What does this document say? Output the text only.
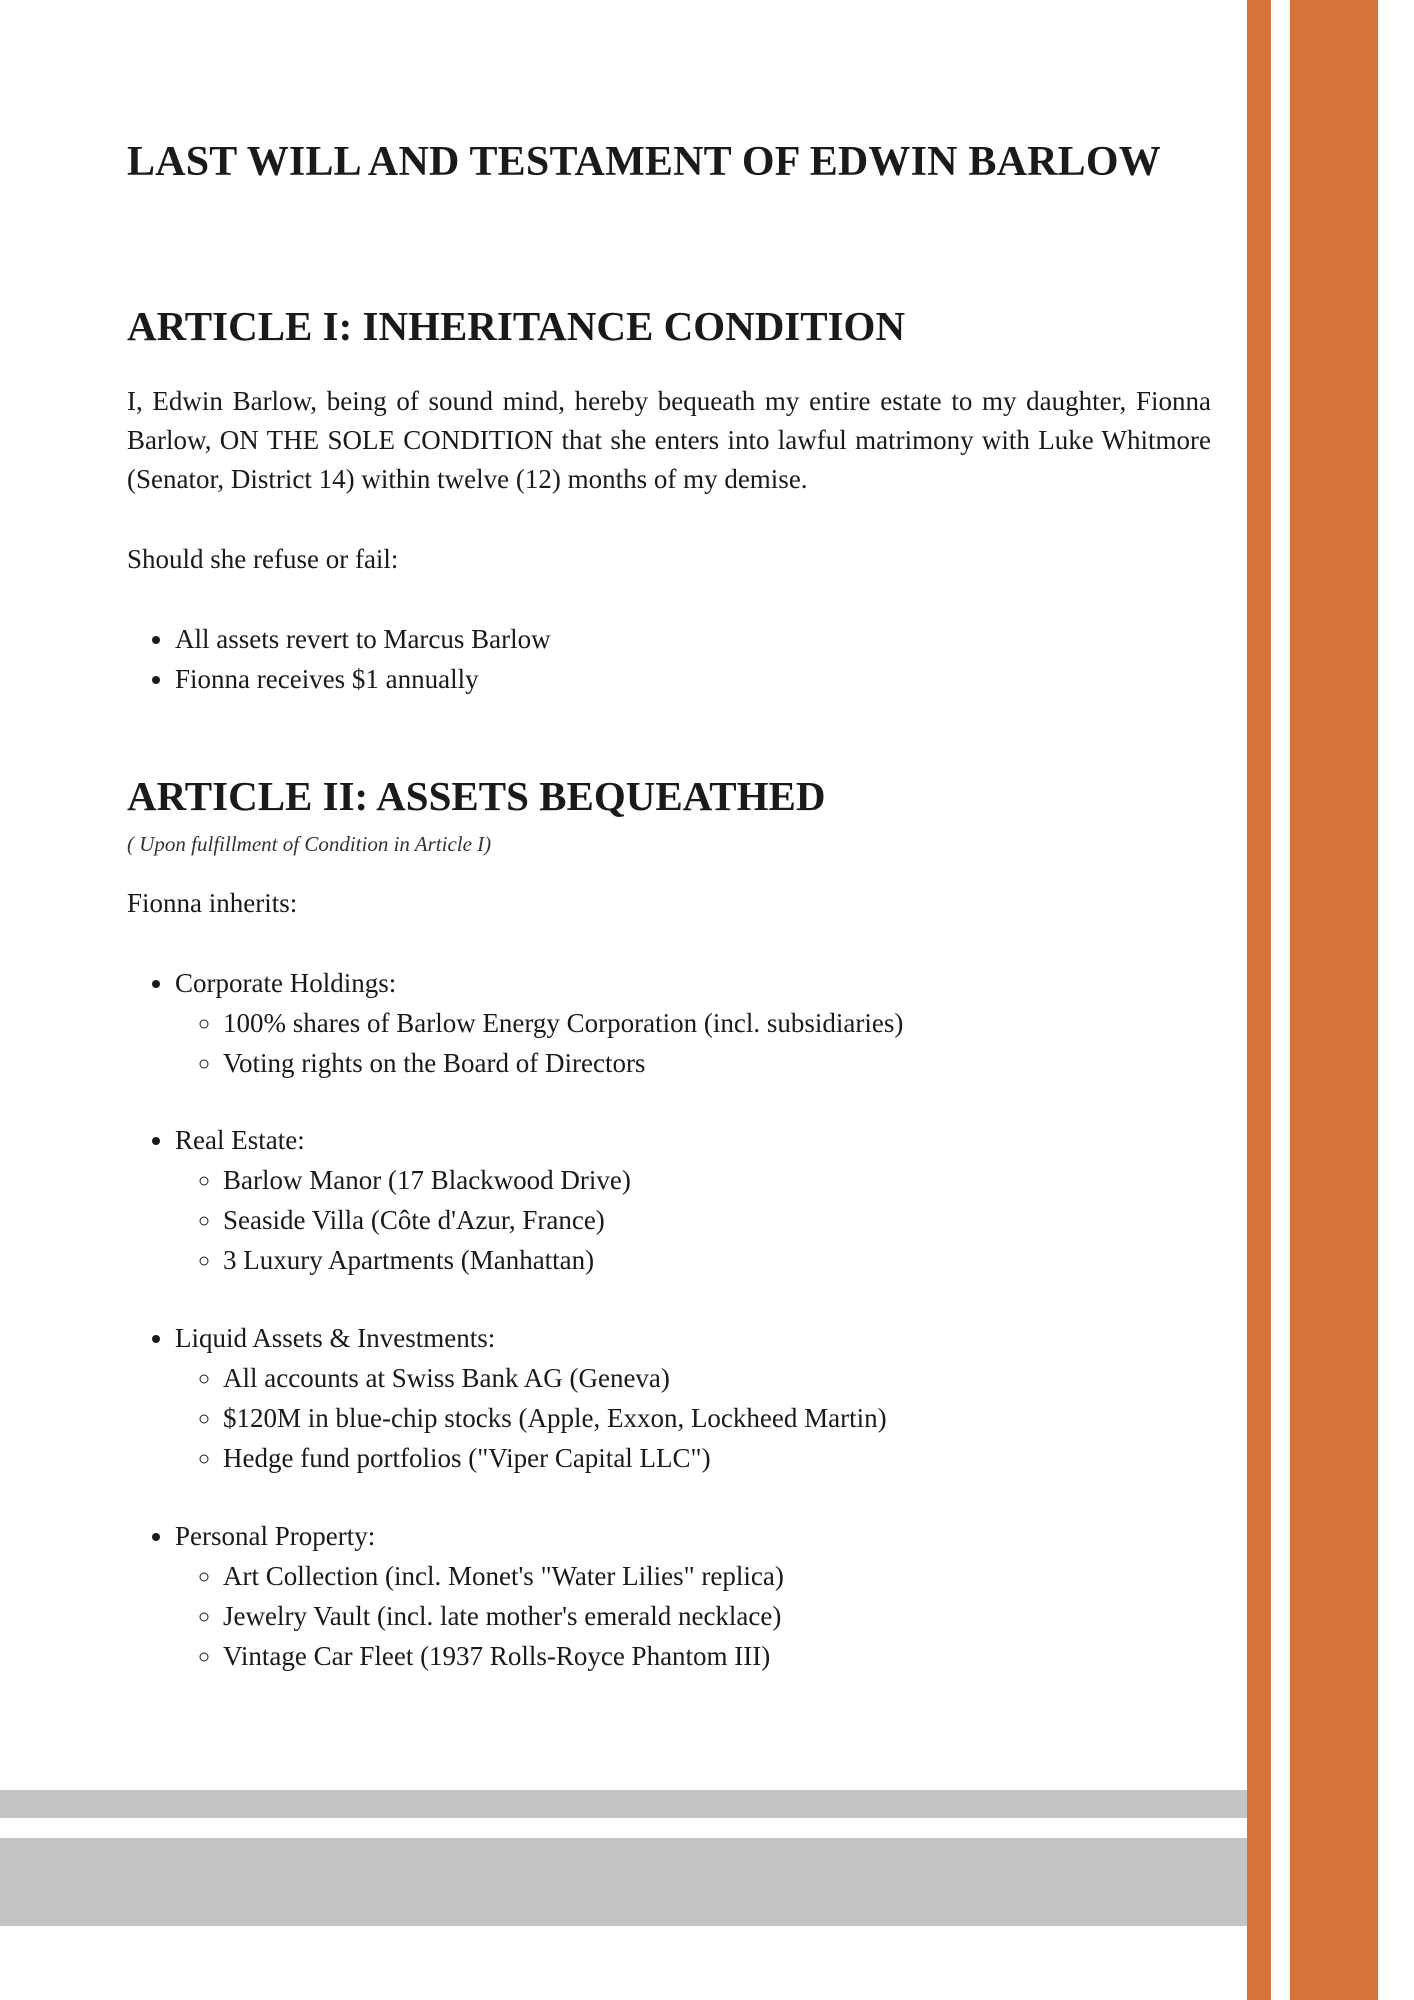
LAST WILL AND TESTAMENT OF EDWIN BARLOW
ARTICLE I: INHERITANCE CONDITION

I, Edwin Barlow, being of sound mind, hereby bequeath my entire estate to my daughter, Fionna Barlow, ON THE SOLE CONDITION that she enters into lawful matrimony with Luke Whitmore (Senator, District 14) within twelve (12) months of my demise.

Should she refuse or fail:

• All assets revert to Marcus Barlow
• Fionna receives $1 annually
ARTICLE II: ASSETS BEQUEATHED

( Upon fulfillment of Condition in Article I)

Fionna inherits:

• Corporate Holdings:
◦ 100% shares of Barlow Energy Corporation (incl. subsidiaries)
◦ Voting rights on the Board of Directors
• Real Estate:
◦ Barlow Manor (17 Blackwood Drive)
◦ Seaside Villa (Côte d'Azur, France)
◦ 3 Luxury Apartments (Manhattan)
• Liquid Assets & Investments:
◦ All accounts at Swiss Bank AG (Geneva)
◦ $120M in blue-chip stocks (Apple, Exxon, Lockheed Martin)
◦ Hedge fund portfolios ("Viper Capital LLC")
• Personal Property:
◦ Art Collection (incl. Monet's "Water Lilies" replica)
◦ Jewelry Vault (incl. late mother's emerald necklace)
◦ Vintage Car Fleet (1937 Rolls-Royce Phantom III)
